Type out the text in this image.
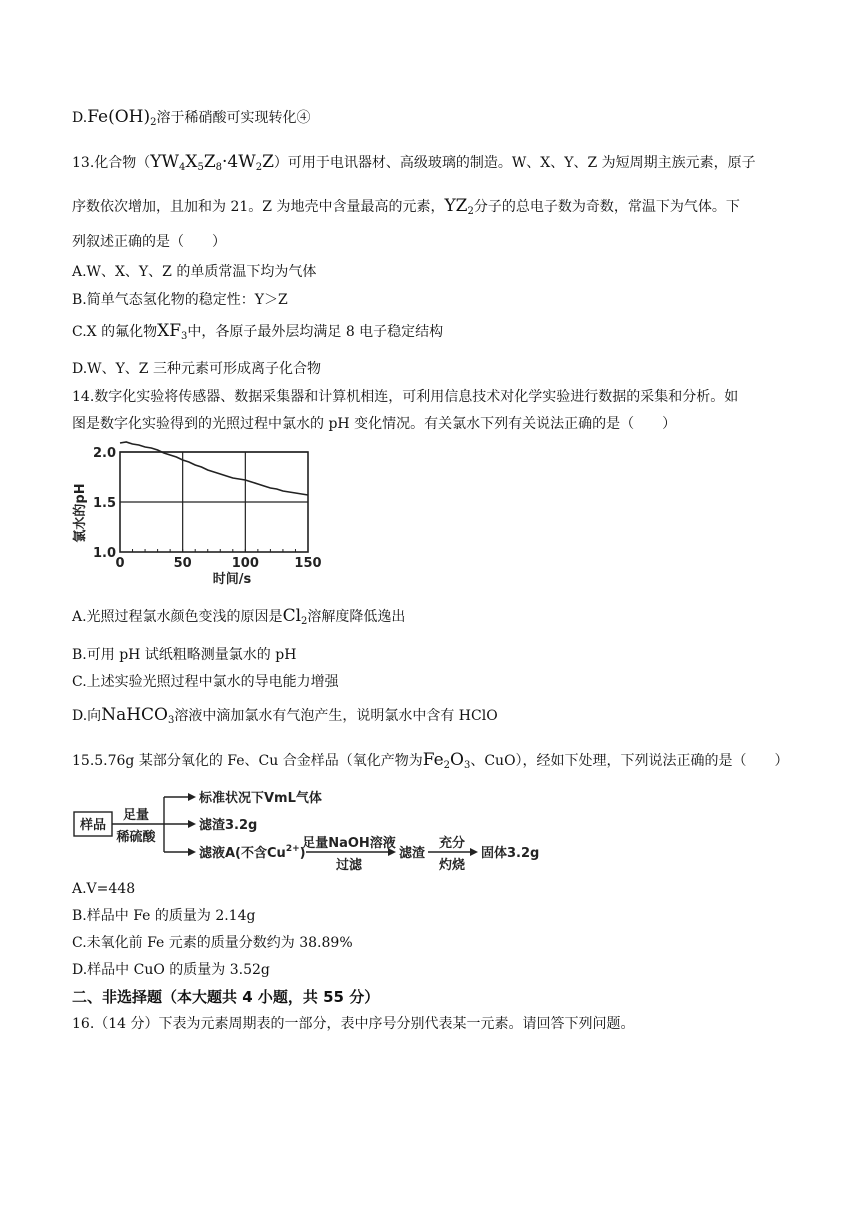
$D.Fe(OH)_2$溶于稀硝酸可实现转化④
13.化合物$(YW_4X_5Z_8\cdot 4W_2Z)$可用于电讯器材、高级玻璃的制造。W、X、Y、Z 为短周期主族元素，原子
序数依次增加，且加和为 21。Z 为地壳中含量最高的元素，$YZ_2$分子的总电子数为奇数，常温下为气体。下
列叙述正确的是（　　）
A.W、X、Y、Z 的单质常温下均为气体
B.简单气态氢化物的稳定性：Y＞Z
C.X 的氟化物$XF_3$中，各原子最外层均满足 8 电子稳定结构
D.W、Y、Z 三种元素可形成离子化合物
14.数字化实验将传感器、数据采集器和计算机相连，可利用信息技术对化学实验进行数据的采集和分析。如
图是数字化实验得到的光照过程中氯水的 pH 变化情况。有关氯水下列有关说法正确的是（　　）
1.0
1.5
2.0
0	50	100	150
氯水的pH
时间/s
A.光照过程氯水颜色变浅的原因是$Cl_2$溶解度降低逸出
B.可用 pH 试纸粗略测量氯水的 pH
C.上述实验光照过程中氯水的导电能力增强
D.向NaHCO$_3$溶液中滴加氯水有气泡产生，说明氯水中含有 HClO
15.5.76g 某部分氧化的 Fe、Cu 合金样品（氧化产物为$Fe_2O_3$、CuO），经如下处理，下列说法正确的是（　　）
样品
足量
稀硫酸
标准状况下VmL气体
滤渣3.2g
滤液A(不含$Cu^{2+}$)
足量NaOH溶液
过滤
滤渣
充分
灼烧
固体3.2g
A.V=448
B.样品中 Fe 的质量为 2.14g
C.未氧化前 Fe 元素的质量分数约为 38.89%
D.样品中 CuO 的质量为 3.52g
二、非选择题（本大题共 4 小题，共 55 分）
16.（14 分）下表为元素周期表的一部分，表中序号分别代表某一元素。请回答下列问题。
